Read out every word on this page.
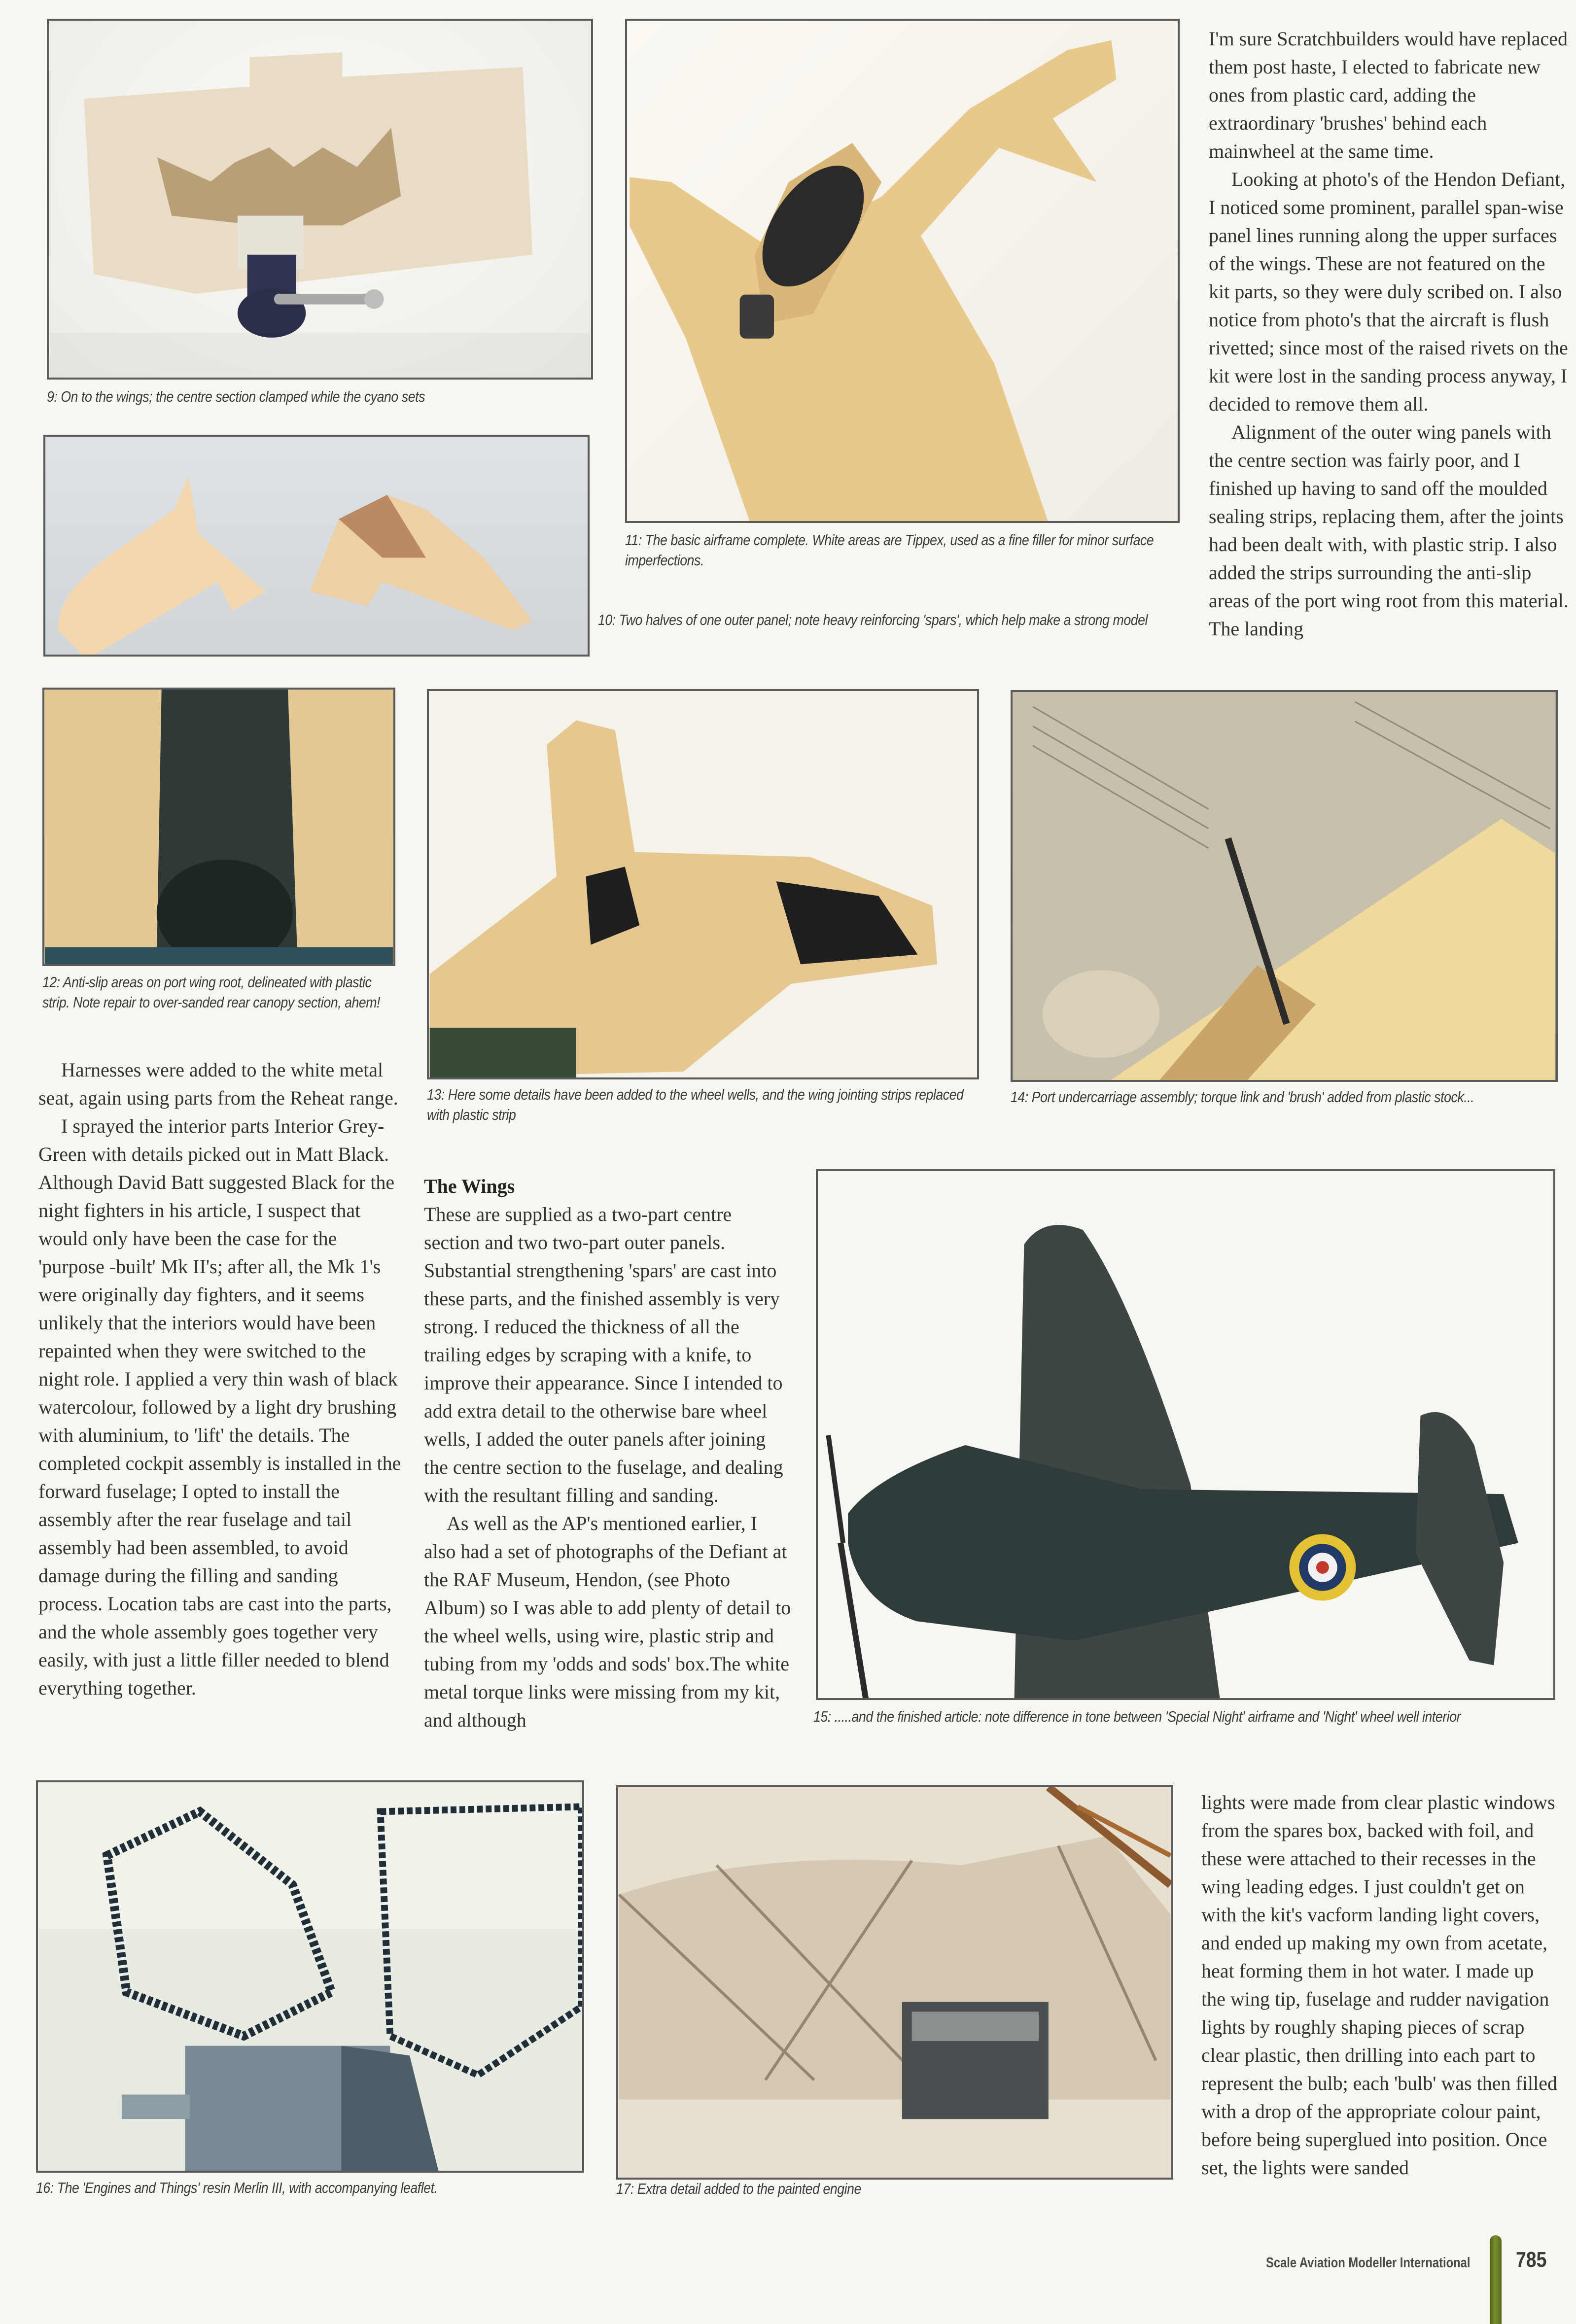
9: On to the wings; the centre section clamped while the cyano sets
10: Two halves of one outer panel; note heavy reinforcing 'spars', which help make a strong model
11: The basic airframe complete. White areas are Tippex, used as a fine filler for minor surface imperfections.

I'm sure Scratchbuilders would have replaced them post haste, I elected to fabricate new ones from plastic card, adding the extraordinary 'brushes' behind each mainwheel at the same time.

Looking at photo's of the Hendon Defiant, I noticed some prominent, parallel span-wise panel lines running along the upper surfaces of the wings. These are not featured on the kit parts, so they were duly scribed on. I also notice from photo's that the aircraft is flush rivetted; since most of the raised rivets on the kit were lost in the sanding process anyway, I decided to remove them all.

Alignment of the outer wing panels with the centre section was fairly poor, and I finished up having to sand off the moulded sealing strips, replacing them, after the joints had been dealt with, with plastic strip. I also added the strips surrounding the anti-slip areas of the port wing root from this material. The landing

12: Anti-slip areas on port wing root, delineated with plastic strip. Note repair to over-sanded rear canopy section, ahem!
13: Here some details have been added to the wheel wells, and the wing jointing strips replaced with plastic strip
14: Port undercarriage assembly; torque link and 'brush' added from plastic stock...

Harnesses were added to the white metal seat, again using parts from the Reheat range.

I sprayed the interior parts Interior Grey-Green with details picked out in Matt Black. Although David Batt suggested Black for the night fighters in his article, I suspect that would only have been the case for the 'purpose -built' Mk II's; after all, the Mk 1's were originally day fighters, and it seems unlikely that the interiors would have been repainted when they were switched to the night role. I applied a very thin wash of black watercolour, followed by a light dry brushing with aluminium, to 'lift' the details. The completed cockpit assembly is installed in the forward fuselage; I opted to install the assembly after the rear fuselage and tail assembly had been assembled, to avoid damage during the filling and sanding process. Location tabs are cast into the parts, and the whole assembly goes together very easily, with just a little filler needed to blend everything together.

The Wings

These are supplied as a two-part centre section and two two-part outer panels. Substantial strengthening 'spars' are cast into these parts, and the finished assembly is very strong. I reduced the thickness of all the trailing edges by scraping with a knife, to improve their appearance. Since I intended to add extra detail to the otherwise bare wheel wells, I added the outer panels after joining the centre section to the fuselage, and dealing with the resultant filling and sanding.

As well as the AP's mentioned earlier, I also had a set of photographs of the Defiant at the RAF Museum, Hendon, (see Photo Album) so I was able to add plenty of detail to the wheel wells, using wire, plastic strip and tubing from my 'odds and sods' box.The white metal torque links were missing from my kit, and although	15: .....and the finished article: note difference in tone between 'Special Night' airframe and 'Night' wheel well interior
16: The 'Engines and Things' resin Merlin III, with accompanying leaflet.	17: Extra detail added to the painted engine

lights were made from clear plastic windows from the spares box, backed with foil, and these were attached to their recesses in the wing leading edges. I just couldn't get on with the kit's vacform landing light covers, and ended up making my own from acetate, heat forming them in hot water. I made up the wing tip, fuselage and rudder navigation lights by roughly shaping pieces of scrap clear plastic, then drilling into each part to represent the bulb; each 'bulb' was then filled with a drop of the appropriate colour paint, before being superglued into position. Once set, the lights were sanded

Scale Aviation Modeller International 785
